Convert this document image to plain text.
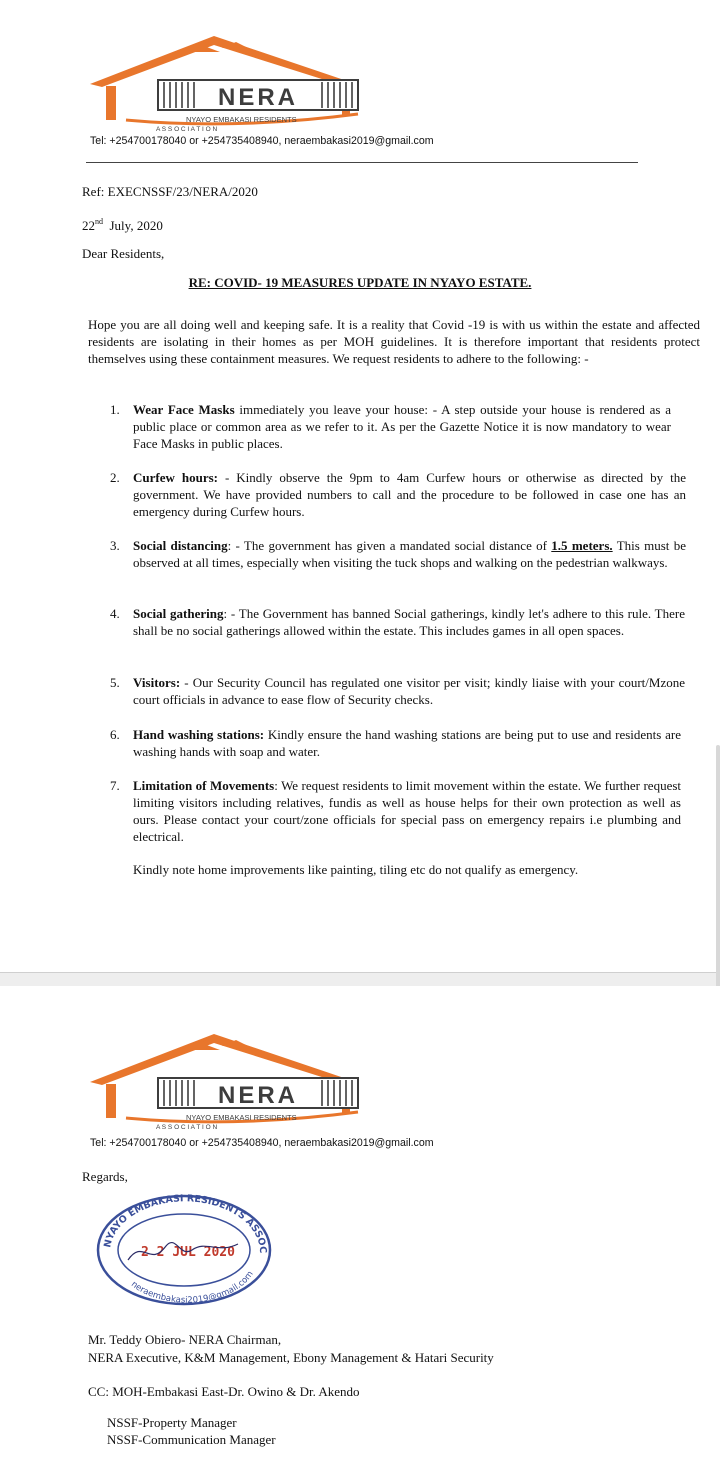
NERA
NYAYO EMBAKASI RESIDENTS
A S S O C I A T I O N
Tel: +254700178040 or +254735408940, neraembakasi2019@gmail.com
Ref: EXECNSSF/23/NERA/2020
22nd July, 2020
Dear Residents,
RE: COVID- 19 MEASURES UPDATE IN NYAYO ESTATE.
Hope you are all doing well and keeping safe. It is a reality that Covid -19 is with us within the estate and affected residents are isolating in their homes as per MOH guidelines. It is therefore important that residents protect themselves using these containment measures. We request residents to adhere to the following: -
1. Wear Face Masks immediately you leave your house: - A step outside your house is rendered as a public place or common area as we refer to it. As per the Gazette Notice it is now mandatory to wear Face Masks in public places.
2. Curfew hours: - Kindly observe the 9pm to 4am Curfew hours or otherwise as directed by the government. We have provided numbers to call and the procedure to be followed in case one has an emergency during Curfew hours.
3. Social distancing: - The government has given a mandated social distance of 1.5 meters. This must be observed at all times, especially when visiting the tuck shops and walking on the pedestrian walkways.
4. Social gathering: - The Government has banned Social gatherings, kindly let's adhere to this rule. There shall be no social gatherings allowed within the estate. This includes games in all open spaces.
5. Visitors: - Our Security Council has regulated one visitor per visit; kindly liaise with your court/Mzone court officials in advance to ease flow of Security checks.
6. Hand washing stations: Kindly ensure the hand washing stations are being put to use and residents are washing hands with soap and water.
7. Limitation of Movements: We request residents to limit movement within the estate. We further request limiting visitors including relatives, fundis as well as house helps for their own protection as well as ours. Please contact your court/zone officials for special pass on emergency repairs i.e plumbing and electrical.
Kindly note home improvements like painting, tiling etc do not qualify as emergency.
NERA
NYAYO EMBAKASI RESIDENTS
A S S O C I A T I O N
Tel: +254700178040 or +254735408940, neraembakasi2019@gmail.com
Regards,
NYAYO EMBAKASI RESIDENTS ASSOC
neraembakasi2019@gmail.com
2 2 JUL 2020
Mr. Teddy Obiero- NERA Chairman,
NERA Executive, K&M Management, Ebony Management & Hatari Security
CC: MOH-Embakasi East-Dr. Owino & Dr. Akendo
NSSF-Property Manager
NSSF-Communication Manager
